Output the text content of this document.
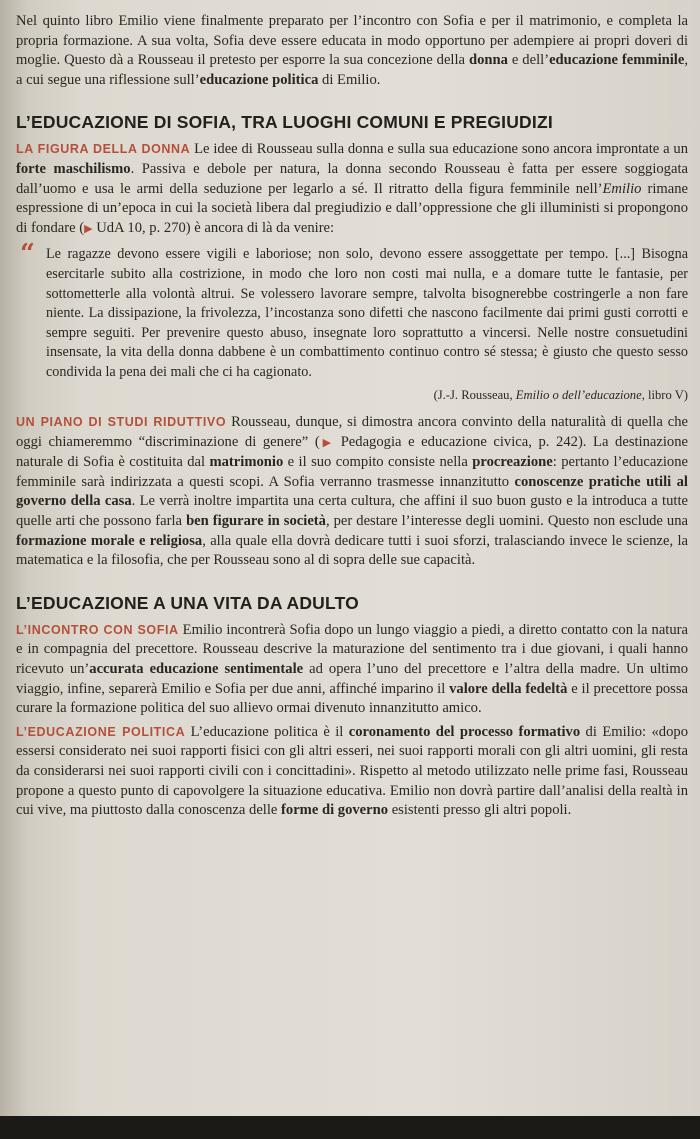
Nel quinto libro Emilio viene finalmente preparato per l’incontro con Sofia e per il matrimonio, e completa la propria formazione. A sua volta, Sofia deve essere educata in modo opportuno per adempiere ai propri doveri di moglie. Questo dà a Rousseau il pretesto per esporre la sua concezione della donna e dell’educazione femminile, a cui segue una riflessione sull’educazione politica di Emilio.

L’EDUCAZIONE DI SOFIA, TRA LUOGHI COMUNI E PREGIUDIZI

LA FIGURA DELLA DONNA Le idee di Rousseau sulla donna e sulla sua educazione sono ancora improntate a un forte maschilismo. Passiva e debole per natura, la donna secondo Rousseau è fatta per essere soggiogata dall’uomo e usa le armi della seduzione per legarlo a sé. Il ritratto della figura femminile nell’Emilio rimane espressione di un’epoca in cui la società libera dal pregiudizio e dall’oppressione che gli illuministi si propongono di fondare (▶ UdA 10, p. 270) è ancora di là da venire:

“ Le ragazze devono essere vigili e laboriose; non solo, devono essere assoggettate per tempo. [...] Bisogna esercitarle subito alla costrizione, in modo che loro non costi mai nulla, e a domare tutte le fantasie, per sottometterle alla volontà altrui. Se volessero lavorare sempre, talvolta bisognerebbe costringerle a non fare niente. La dissipazione, la frivolezza, l’incostanza sono difetti che nascono facilmente dai primi gusti corrotti e sempre seguiti. Per prevenire questo abuso, insegnate loro soprattutto a vincersi. Nelle nostre consuetudini insensate, la vita della donna dabbene è un combattimento continuo contro sé stessa; è giusto che questo sesso condivida la pena dei mali che ci ha cagionato.

(J.-J. Rousseau, Emilio o dell’educazione, libro V)

UN PIANO DI STUDI RIDUTTIVO Rousseau, dunque, si dimostra ancora convinto della naturalità di quella che oggi chiameremmo “discriminazione di genere” (▶ Pedagogia e educazione civica, p. 242). La destinazione naturale di Sofia è costituita dal matrimonio e il suo compito consiste nella procreazione: pertanto l’educazione femminile sarà indirizzata a questi scopi. A Sofia verranno trasmesse innanzitutto conoscenze pratiche utili al governo della casa. Le verrà inoltre impartita una certa cultura, che affini il suo buon gusto e la introduca a tutte quelle arti che possono farla ben figurare in società, per destare l’interesse degli uomini. Questo non esclude una formazione morale e religiosa, alla quale ella dovrà dedicare tutti i suoi sforzi, tralasciando invece le scienze, la matematica e la filosofia, che per Rousseau sono al di sopra delle sue capacità.

L’EDUCAZIONE A UNA VITA DA ADULTO

L’INCONTRO CON SOFIA Emilio incontrerà Sofia dopo un lungo viaggio a piedi, a diretto contatto con la natura e in compagnia del precettore. Rousseau descrive la maturazione del sentimento tra i due giovani, i quali hanno ricevuto un’accurata educazione sentimentale ad opera l’uno del precettore e l’altra della madre. Un ultimo viaggio, infine, separerà Emilio e Sofia per due anni, affinché imparino il valore della fedeltà e il precettore possa curare la formazione politica del suo allievo ormai divenuto innanzitutto amico.

L’EDUCAZIONE POLITICA L’educazione politica è il coronamento del processo formativo di Emilio: «dopo essersi considerato nei suoi rapporti fisici con gli altri esseri, nei suoi rapporti morali con gli altri uomini, gli resta da considerarsi nei suoi rapporti civili con i concittadini». Rispetto al metodo utilizzato nelle prime fasi, Rousseau propone a questo punto di capovolgere la situazione educativa. Emilio non dovrà partire dall’analisi della realtà in cui vive, ma piuttosto dalla conoscenza delle forme di governo esistenti presso gli altri popoli.
